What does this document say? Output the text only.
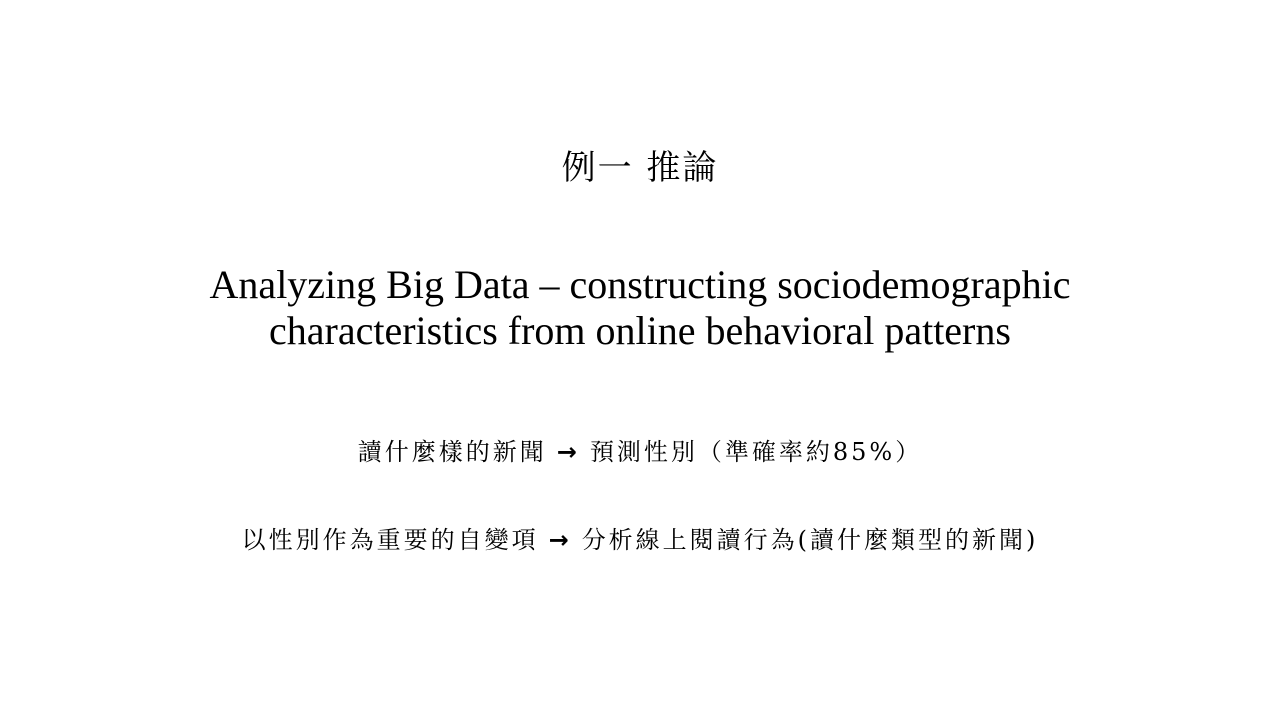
例一 推論
Analyzing Big Data – constructing sociodemographic
characteristics from online behavioral patterns
讀什麼樣的新聞 → 預測性別（準確率約85%）
以性別作為重要的自變項 → 分析線上閱讀行為(讀什麼類型的新聞)
